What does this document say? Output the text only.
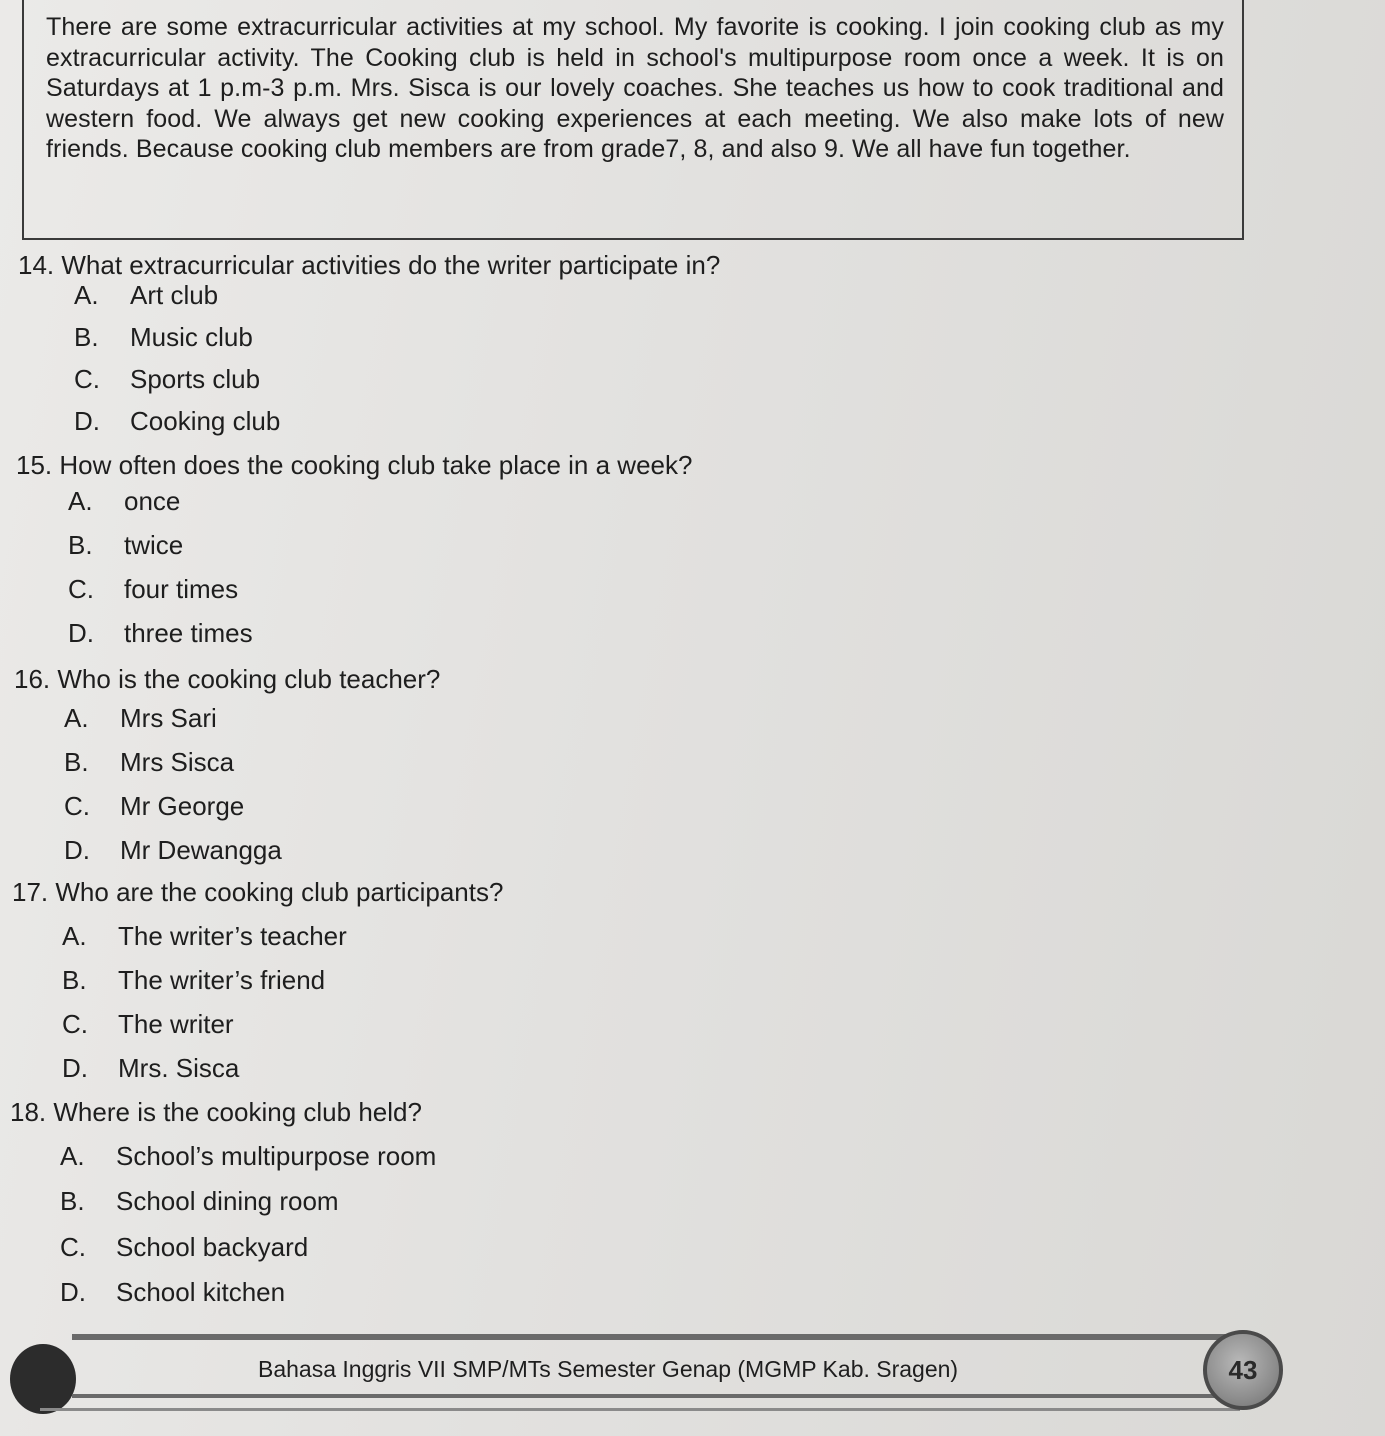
There are some extracurricular activities at my school. My favorite is cooking. I join cooking club as my extracurricular activity. The Cooking club is held in school's multipurpose room once a week. It is on Saturdays at 1 p.m-3 p.m. Mrs. Sisca is our lovely coaches. She teaches us how to cook traditional and western food. We always get new cooking experiences at each meeting. We also make lots of new friends. Because cooking club members are from grade7, 8, and also 9. We all have fun together.

14. What extracurricular activities do the writer participate in?
A. Art club
B. Music club
C. Sports club
D. Cooking club
15. How often does the cooking club take place in a week?
A. once
B. twice
C. four times
D. three times
16. Who is the cooking club teacher?
A. Mrs Sari
B. Mrs Sisca
C. Mr George
D. Mr Dewangga
17. Who are the cooking club participants?
A. The writer’s teacher
B. The writer’s friend
C. The writer
D. Mrs. Sisca
18. Where is the cooking club held?
A. School’s multipurpose room
B. School dining room
C. School backyard
D. School kitchen
Bahasa Inggris VII SMP/MTs Semester Genap (MGMP Kab. Sragen)	43
